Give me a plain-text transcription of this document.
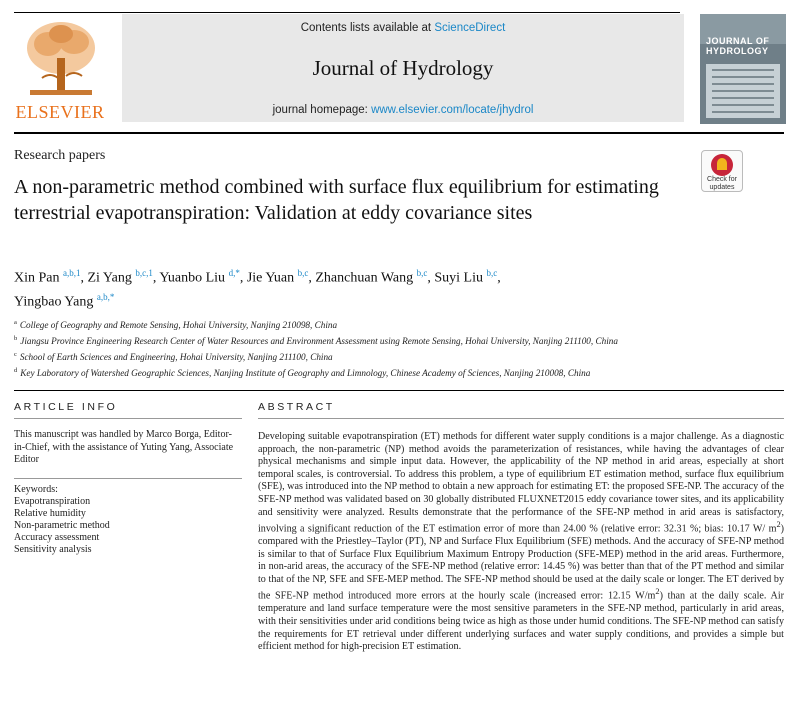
ELSEVIER
Contents lists available at ScienceDirect
Journal of Hydrology
journal homepage: www.elsevier.com/locate/jhydrol
JOURNAL OF
HYDROLOGY
Research papers
Check for updates
A non-parametric method combined with surface flux equilibrium for estimating terrestrial evapotranspiration: Validation at eddy covariance sites
Xin Pan $^{a,b,1}$, Zi Yang $^{b,c,1}$, Yuanbo Liu $^{d,*}$, Jie Yuan $^{b,c}$, Zhanchuan Wang $^{b,c}$, Suyi Liu $^{b,c}$,
Yingbao Yang $^{a,b,*}$
$^a$ College of Geography and Remote Sensing, Hohai University, Nanjing 210098, China
$^b$ Jiangsu Province Engineering Research Center of Water Resources and Environment Assessment using Remote Sensing, Hohai University, Nanjing 211100, China
$^c$ School of Earth Sciences and Engineering, Hohai University, Nanjing 211100, China
$^d$ Key Laboratory of Watershed Geographic Sciences, Nanjing Institute of Geography and Limnology, Chinese Academy of Sciences, Nanjing 210008, China
ARTICLE INFO	ABSTRACT
This manuscript was handled by Marco Borga, Editor-in-Chief, with the assistance of Yuting Yang, Associate Editor
Keywords:
Evapotranspiration
Relative humidity
Non-parametric method
Accuracy assessment
Sensitivity analysis
Developing suitable evapotranspiration (ET) methods for different water supply conditions is a major challenge. As a diagnostic approach, the non-parametric (NP) method avoids the parameterization of resistances, while having the advantages of clear physical mechanisms and simple input data. However, the applicability of the NP method in arid areas, especially at short temporal scales, is controversial. To address this problem, a type of equilibrium ET estimation method, surface flux equilibrium (SFE), was introduced into the NP method to obtain a new approach for estimating ET: the proposed SFE-NP. The accuracy of the SFE-NP method was validated based on 30 globally distributed FLUXNET2015 eddy covariance tower sites, and its applicability and sensitivity were analyzed. Results demonstrate that the performance of the SFE-NP method in arid areas is satisfactory, involving a significant reduction of the ET estimation error of more than 24.00 % (relative error: 32.31 %; bias: 10.17 W/ $m^2$) compared with the Priestley–Taylor (PT), NP and Surface Flux Equilibrium (SFE) methods. And the accuracy of SFE-NP method is similar to that of Surface Flux Equilibrium Maximum Entropy Production (SFE-MEP) method in the arid areas. Furthermore, in non-arid areas, the accuracy of the SFE-NP method (relative error: 14.45 %) was better than that of the PT method and similar to that of the NP, SFE and SFE-MEP method. The SFE-NP method should be used at the daily scale or longer. The ET derived by the SFE-NP method introduced more errors at the hourly scale (increased error: 12.15 $W/m^2$) than at the daily scale. Air temperature and land surface temperature were the most sensitive parameters in the SFE-NP method, particularly in arid areas, with their sensitivities under arid conditions being twice as high as those under humid conditions. The SFE-NP method can satisfy the requirements for ET retrieval under different underlying surfaces and water supply conditions, and provides a simple but efficient method for high-precision ET estimation.
